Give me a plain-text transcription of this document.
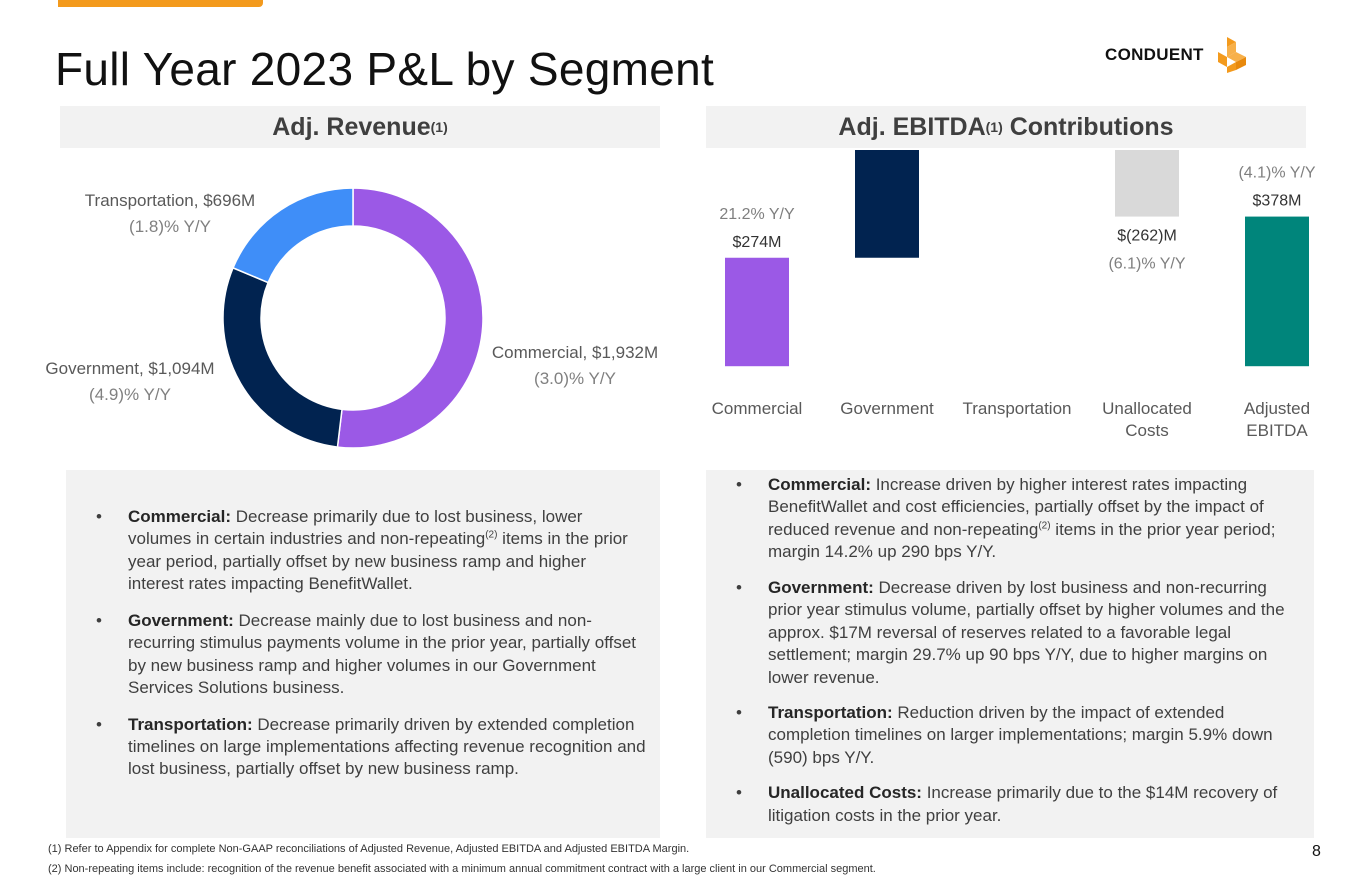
Full Year 2023 P&L by Segment	CONDUENT
Adj. Revenue (1)	Adj. EBITDA (1) Contributions
Transportation, $696M
(1.8)% Y/Y
Government, $1,094M
(4.9)% Y/Y
Commercial, $1,932M
(3.0)% Y/Y
$274M
21.2% Y/Y
Commercial Government Transportation
$(262)M
(6.1)% Y/Y
Unallocated
Costs
$378M
(4.1)% Y/Y
Adjusted
EBITDA
• Commercial: Decrease primarily due to lost business, lower volumes in certain industries and non-repeating$^{(2)}$ items in the prior year period, partially offset by new business ramp and higher interest rates impacting BenefitWallet.
• Government: Decrease mainly due to lost business and non-recurring stimulus payments volume in the prior year, partially offset by new business ramp and higher volumes in our Government Services Solutions business.
• Transportation: Decrease primarily driven by extended completion timelines on large implementations affecting revenue recognition and lost business, partially offset by new business ramp.
• Commercial: Increase driven by higher interest rates impacting BenefitWallet and cost efficiencies, partially offset by the impact of reduced revenue and non-repeating$^{(2)}$ items in the prior year period; margin 14.2% up 290 bps Y/Y.
• Government: Decrease driven by lost business and non-recurring prior year stimulus volume, partially offset by higher volumes and the approx. $17M reversal of reserves related to a favorable legal settlement; margin 29.7% up 90 bps Y/Y, due to higher margins on lower revenue.
• Transportation: Reduction driven by the impact of extended completion timelines on larger implementations; margin 5.9% down (590) bps Y/Y.
• Unallocated Costs: Increase primarily due to the $14M recovery of litigation costs in the prior year.
(1) Refer to Appendix for complete Non-GAAP reconciliations of Adjusted Revenue, Adjusted EBITDA and Adjusted EBITDA Margin.
(2) Non-repeating items include: recognition of the revenue benefit associated with a minimum annual commitment contract with a large client in our Commercial segment.
8
